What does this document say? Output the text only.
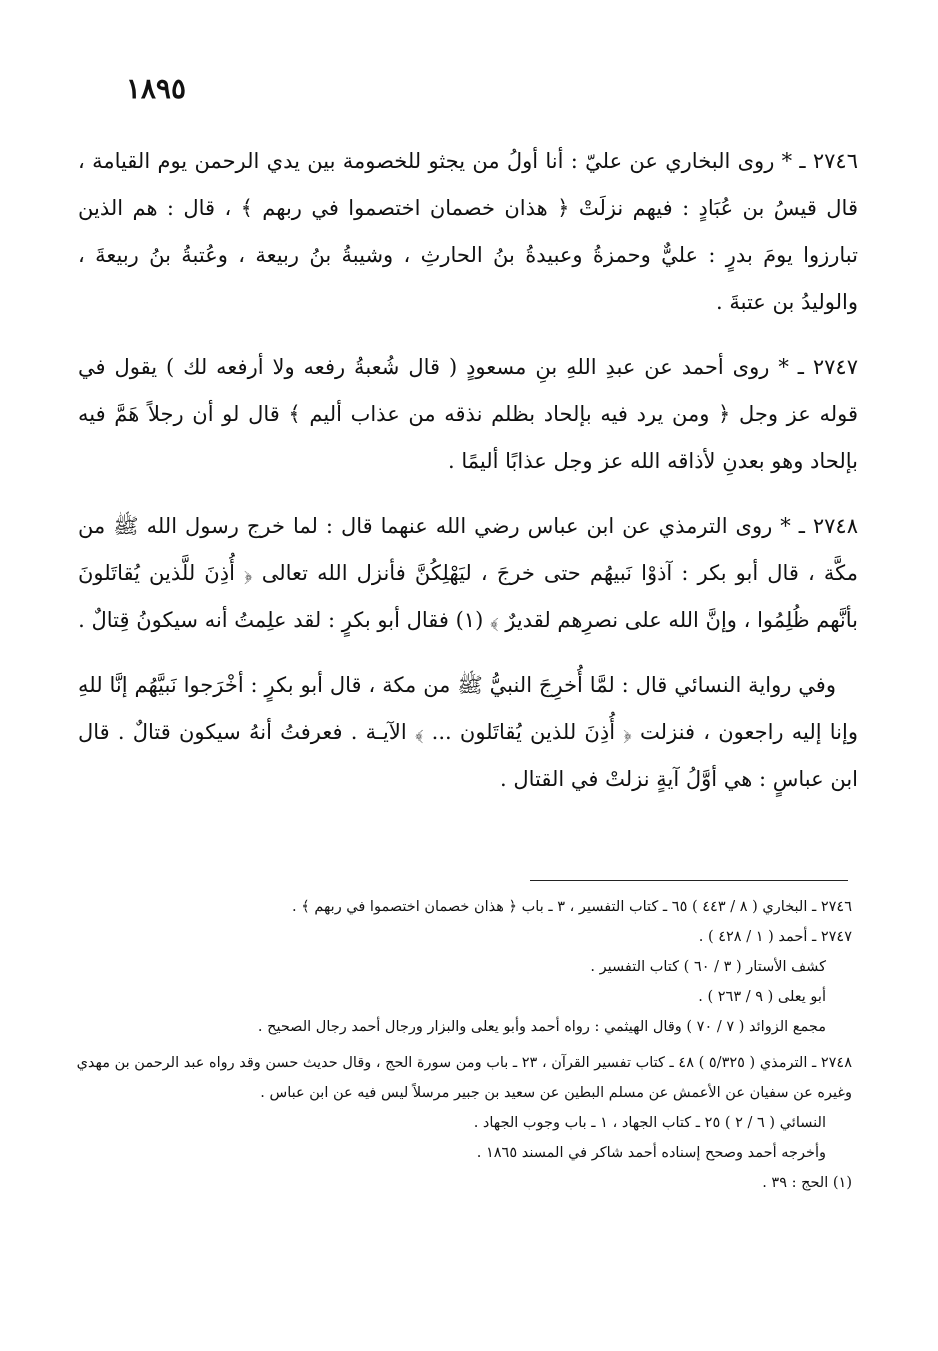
١٨٩٥

٢٧٤٦ ـ * روى البخاري عن عليّ : أنا أولُ من يجثو للخصومة بين يدي الرحمن يوم القيامة ، قال قيسُ بن عُبَادٍ : فيهم نزلَتْ ﴿ هذان خصمان اختصموا في ربهم ﴾ ، قال : هم الذين تبارزوا يومَ بدرٍ : عليٌّ وحمزةُ وعبيدةُ بنُ الحارثِ ، وشيبةُ بنُ ربيعة ، وعُتبةُ بنُ ربيعةَ ، والوليدُ بن عتبةَ .

٢٧٤٧ ـ * روى أحمد عن عبدِ اللهِ بنِ مسعودٍ ( قال شُعبةُ رفعه ولا أرفعه لك ) يقول في قوله عز وجل ﴿ ومن يرد فيه بإلحاد بظلم نذقه من عذاب أليم ﴾ قال لو أن رجلاً هَمَّ فيه بإلحاد وهو بعدنِ لأذاقه الله عز وجل عذابًا أليمًا .

٢٧٤٨ ـ * روى الترمذي عن ابن عباس رضي الله عنهما قال : لما خرج رسول الله ﷺ من مكَّة ، قال أبو بكر : آذوْا نَبيهُم حتى خرجَ ، ليَهْلِكُنَّ فأنزل الله تعالى ﴿ أُذِنَ للَّذين يُقاتَلونَ بأنَّهم ظُلِمُوا ، وإنَّ الله على نصرِهم لقديرٌ ﴾ (١) فقال أبو بكرٍ : لقد علِمتُ أنه سيكونُ قِتالٌ .

وفي رواية النسائي قال : لمَّا أُخرِجَ النبيُّ ﷺ من مكة ، قال أبو بكرٍ : أخْرَجوا نَبيَّهُم إنَّا للهِ وإنا إليه راجعون ، فنزلت ﴿ أُذِنَ للذين يُقاتَلون ... ﴾ الآيـة . فعرفتُ أنهُ سيكون قتالٌ . قال ابن عباسٍ : هي أوَّلُ آيةٍ نزلتْ في القتال .

٢٧٤٦ ـ البخاري ( ٨ / ٤٤٣ ) ٦٥ ـ كتاب التفسير ، ٣ ـ باب ﴿ هذان خصمان اختصموا في ربهم ﴾ .

٢٧٤٧ ـ أحمد ( ١ / ٤٢٨ ) .

كشف الأستار ( ٣ / ٦٠ ) كتاب التفسير .

أبو يعلى ( ٩ / ٢٦٣ ) .

مجمع الزوائد ( ٧ / ٧٠ ) وقال الهيثمي : رواه أحمد وأبو يعلى والبزار ورجال أحمد رجال الصحيح .

٢٧٤٨ ـ الترمذي ( ٥/٣٢٥ ) ٤٨ ـ كتاب تفسير القرآن ، ٢٣ ـ باب ومن سورة الحج ، وقال حديث حسن وقد رواه عبد الرحمن بن مهدي وغيره عن سفيان عن الأعمش عن مسلم البطين عن سعيد بن جبير مرسلاً ليس فيه عن ابن عباس .

النسائي ( ٦ / ٢ ) ٢٥ ـ كتاب الجهاد ، ١ ـ باب وجوب الجهاد .

وأخرجه أحمد وصحح إسناده أحمد شاكر في المسند ١٨٦٥ .

(١) الحج : ٣٩ .
